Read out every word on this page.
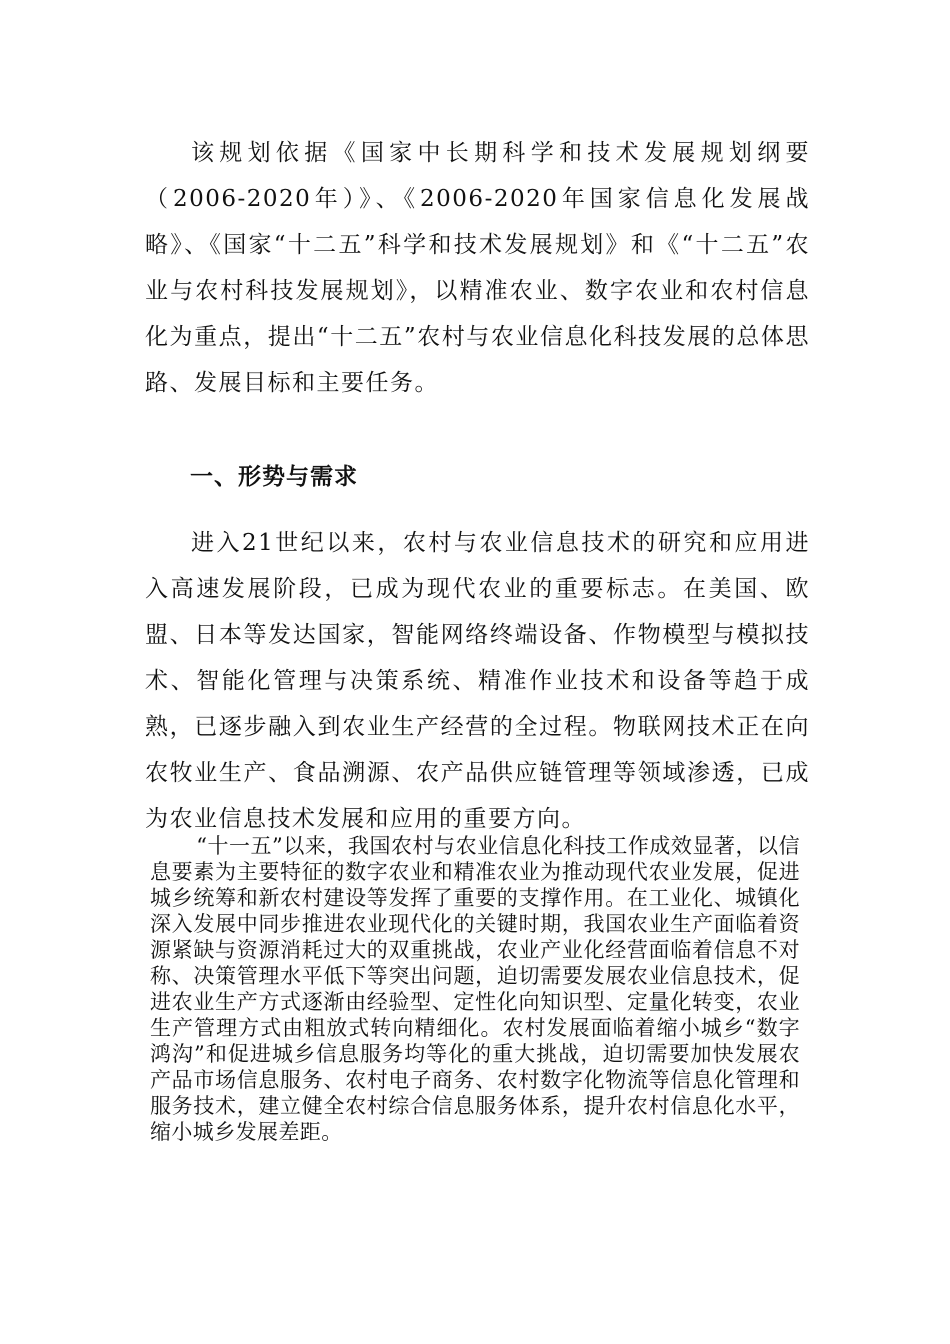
该规划依据《国家中长期科学和技术发展规划纲要（2006-2020年）》、《2006-2020年国家信息化发展战略》、《国家“十二五”科学和技术发展规划》和《“十二五”农业与农村科技发展规划》，以精准农业、数字农业和农村信息化为重点，提出“十二五”农村与农业信息化科技发展的总体思路、发展目标和主要任务。

一、形势与需求

进入21世纪以来，农村与农业信息技术的研究和应用进入高速发展阶段，已成为现代农业的重要标志。在美国、欧盟、日本等发达国家，智能网络终端设备、作物模型与模拟技术、智能化管理与决策系统、精准作业技术和设备等趋于成熟，已逐步融入到农业生产经营的全过程。物联网技术正在向农牧业生产、食品溯源、农产品供应链管理等领域渗透，已成为农业信息技术发展和应用的重要方向。

“十一五”以来，我国农村与农业信息化科技工作成效显著，以信息要素为主要特征的数字农业和精准农业为推动现代农业发展，促进城乡统筹和新农村建设等发挥了重要的支撑作用。在工业化、城镇化深入发展中同步推进农业现代化的关键时期，我国农业生产面临着资源紧缺与资源消耗过大的双重挑战，农业产业化经营面临着信息不对称、决策管理水平低下等突出问题，迫切需要发展农业信息技术，促进农业生产方式逐渐由经验型、定性化向知识型、定量化转变，农业生产管理方式由粗放式转向精细化。农村发展面临着缩小城乡“数字鸿沟”和促进城乡信息服务均等化的重大挑战，迫切需要加快发展农产品市场信息服务、农村电子商务、农村数字化物流等信息化管理和服务技术，建立健全农村综合信息服务体系，提升农村信息化水平，缩小城乡发展差距。
